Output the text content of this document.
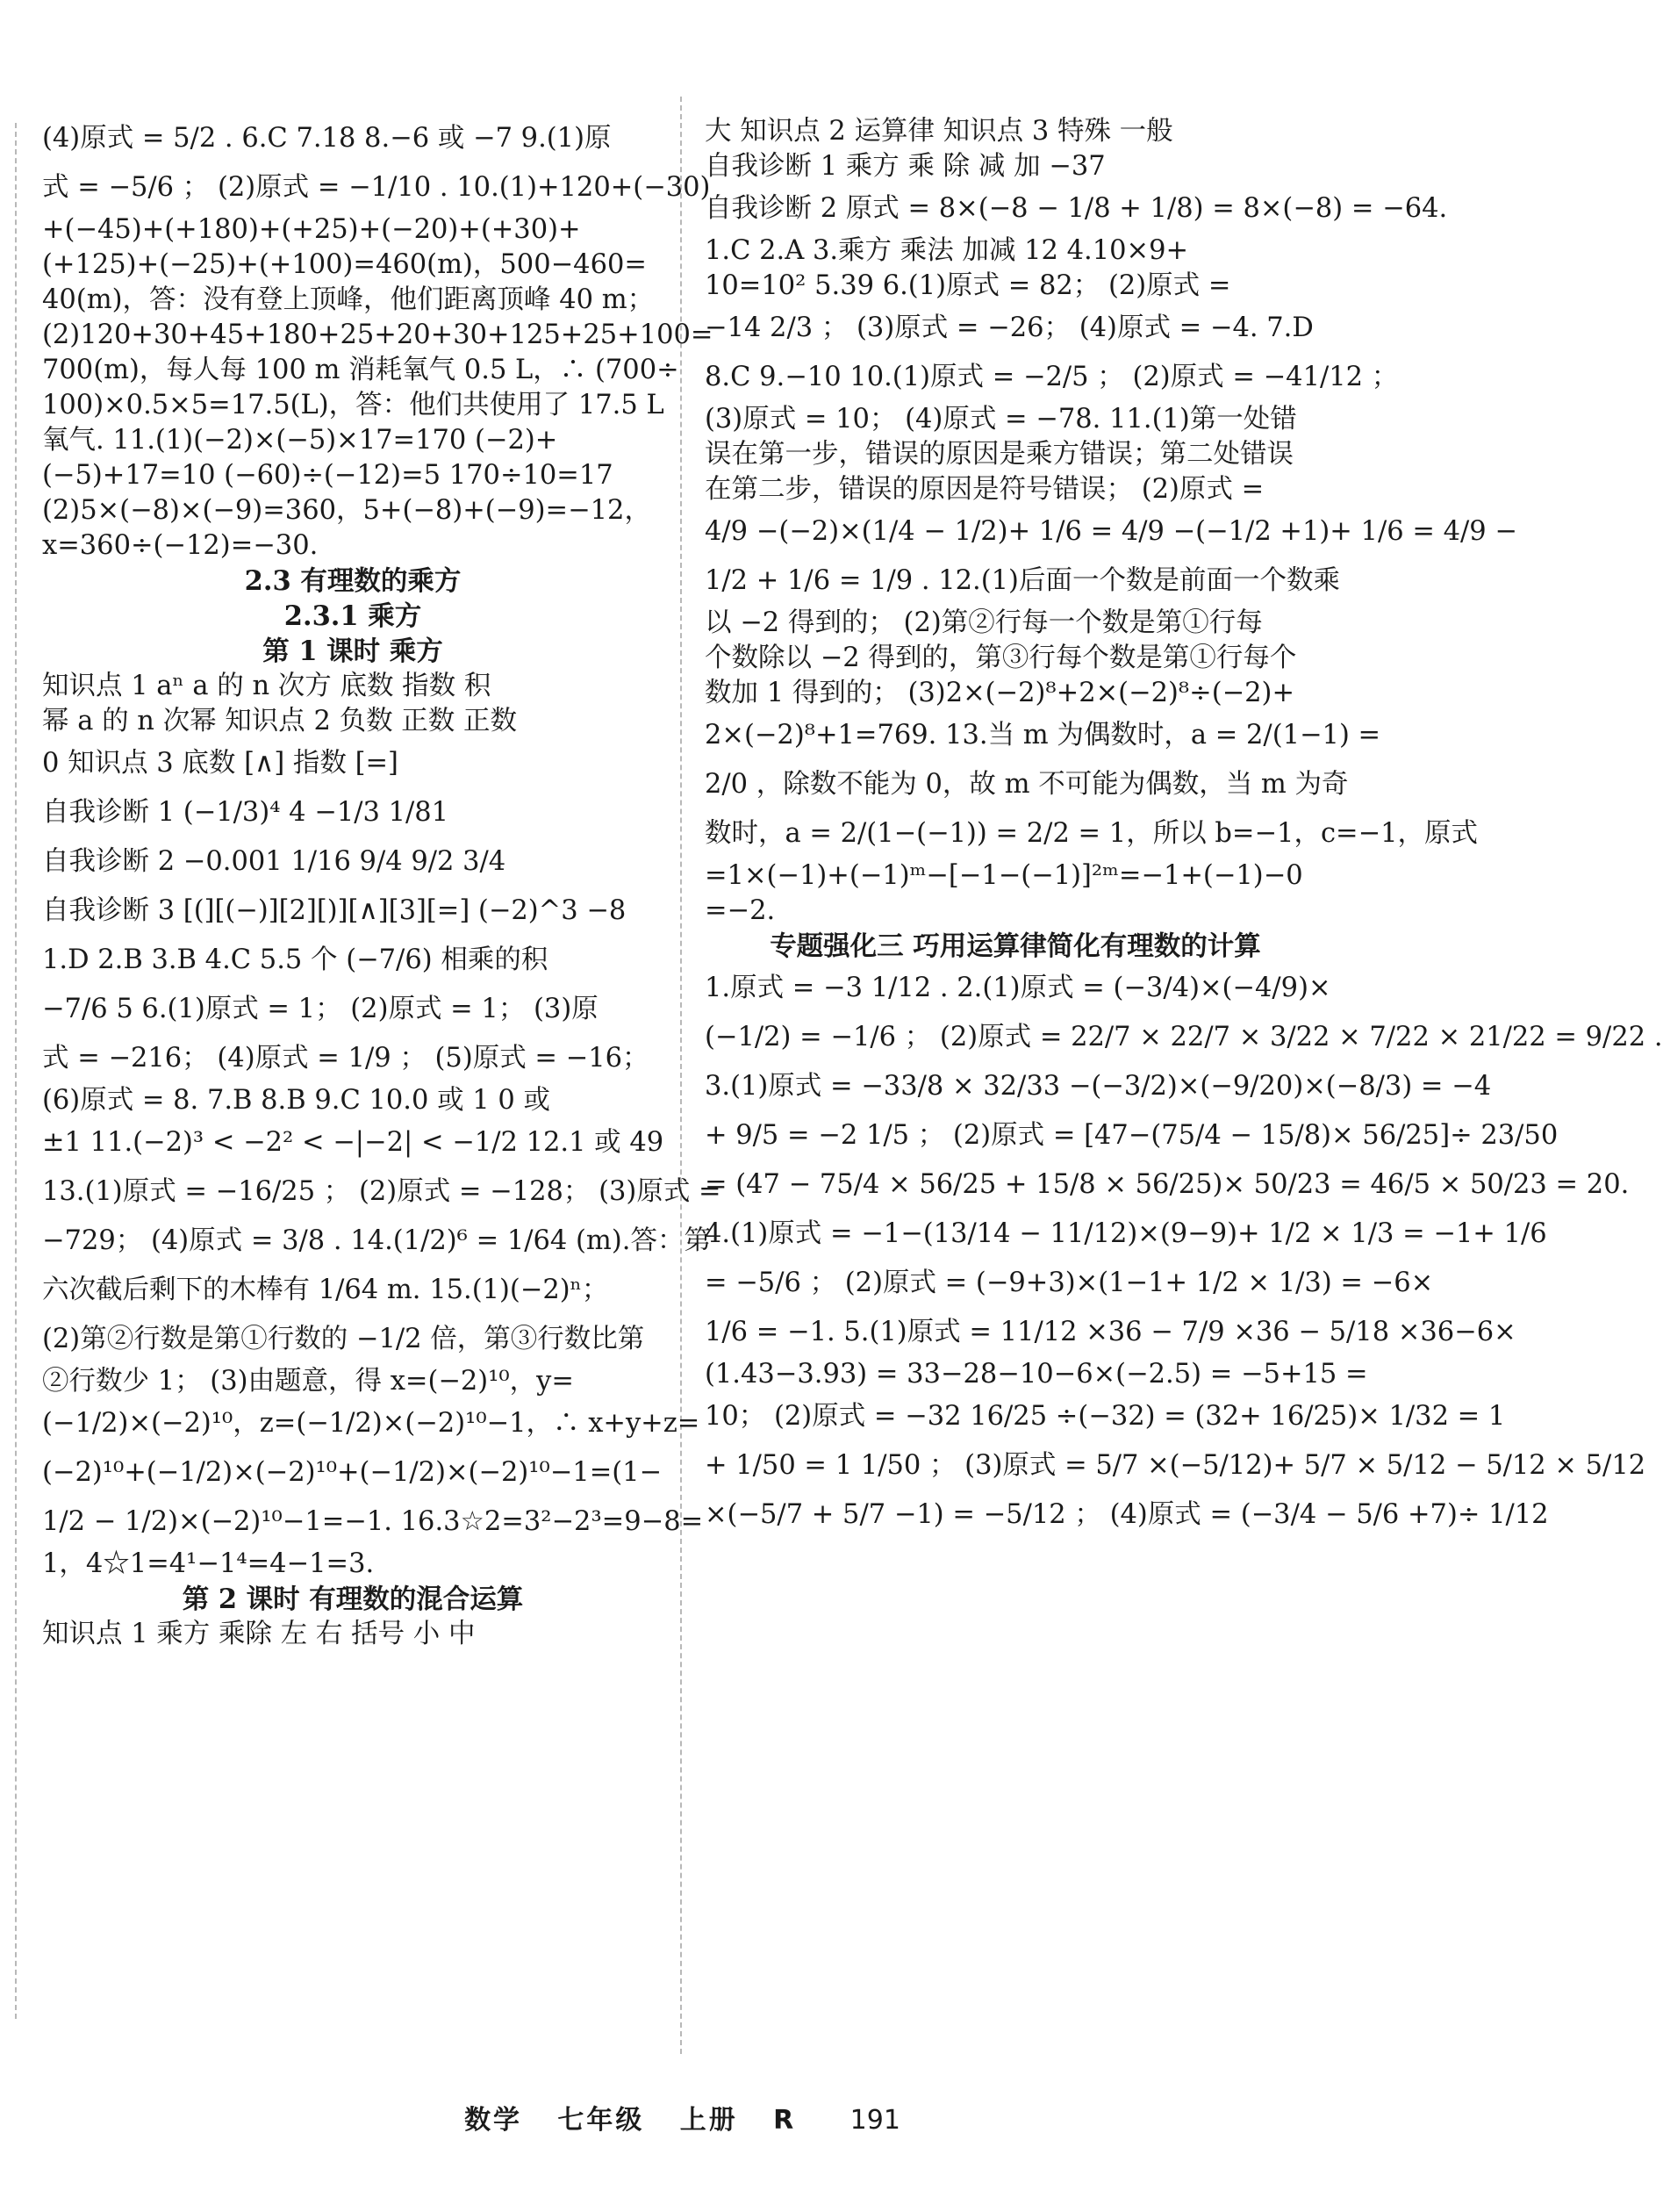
(4)原式 = 5/2 . 6.C 7.18 8.−6 或 −7 9.(1)原
式 = −5/6 ； (2)原式 = −1/10 . 10.(1)+120+(−30)
+(−45)+(+180)+(+25)+(−20)+(+30)+
(+125)+(−25)+(+100)=460(m)，500−460=
40(m)，答：没有登上顶峰，他们距离顶峰 40 m；
(2)120+30+45+180+25+20+30+125+25+100=
700(m)，每人每 100 m 消耗氧气 0.5 L，∴ (700÷
100)×0.5×5=17.5(L)，答：他们共使用了 17.5 L
氧气. 11.(1)(−2)×(−5)×17=170 (−2)+
(−5)+17=10 (−60)÷(−12)=5 170÷10=17
(2)5×(−8)×(−9)=360，5+(−8)+(−9)=−12，
x=360÷(−12)=−30.
2.3 有理数的乘方
2.3.1 乘方
第 1 课时 乘方
知识点 1 aⁿ a 的 n 次方 底数 指数 积
幂 a 的 n 次幂 知识点 2 负数 正数 正数
0 知识点 3 底数 [∧] 指数 [=]
自我诊断 1 (−1/3)⁴ 4 −1/3 1/81
自我诊断 2 −0.001 1/16 9/4 9/2 3/4
自我诊断 3 [(][(−)][2][)][∧][3][=] (−2)^3 −8
1.D 2.B 3.B 4.C 5.5 个 (−7/6) 相乘的积
−7/6 5 6.(1)原式 = 1； (2)原式 = 1； (3)原
式 = −216； (4)原式 = 1/9 ； (5)原式 = −16；
(6)原式 = 8. 7.B 8.B 9.C 10.0 或 1 0 或
±1 11.(−2)³ < −2² < −|−2| < −1/2 12.1 或 49
13.(1)原式 = −16/25 ； (2)原式 = −128； (3)原式 =
−729； (4)原式 = 3/8 . 14.(1/2)⁶ = 1/64 (m).答：第
六次截后剩下的木棒有 1/64 m. 15.(1)(−2)ⁿ；
(2)第②行数是第①行数的 −1/2 倍，第③行数比第
②行数少 1； (3)由题意，得 x=(−2)¹⁰，y=
(−1/2)×(−2)¹⁰，z=(−1/2)×(−2)¹⁰−1，∴ x+y+z=
(−2)¹⁰+(−1/2)×(−2)¹⁰+(−1/2)×(−2)¹⁰−1=(1−
1/2 − 1/2)×(−2)¹⁰−1=−1. 16.3☆2=3²−2³=9−8=
1，4☆1=4¹−1⁴=4−1=3.
第 2 课时 有理数的混合运算
知识点 1 乘方 乘除 左 右 括号 小 中
大 知识点 2 运算律 知识点 3 特殊 一般
自我诊断 1 乘方 乘 除 减 加 −37
自我诊断 2 原式 = 8×(−8 − 1/8 + 1/8) = 8×(−8) = −64.
1.C 2.A 3.乘方 乘法 加减 12 4.10×9+
10=10² 5.39 6.(1)原式 = 82； (2)原式 =
−14 2/3 ； (3)原式 = −26； (4)原式 = −4. 7.D
8.C 9.−10 10.(1)原式 = −2/5 ； (2)原式 = −41/12 ；
(3)原式 = 10； (4)原式 = −78. 11.(1)第一处错
误在第一步，错误的原因是乘方错误；第二处错误
在第二步，错误的原因是符号错误； (2)原式 =
4/9 −(−2)×(1/4 − 1/2)+ 1/6 = 4/9 −(−1/2 +1)+ 1/6 = 4/9 −
1/2 + 1/6 = 1/9 . 12.(1)后面一个数是前面一个数乘
以 −2 得到的； (2)第②行每一个数是第①行每
个数除以 −2 得到的，第③行每个数是第①行每个
数加 1 得到的； (3)2×(−2)⁸+2×(−2)⁸÷(−2)+
2×(−2)⁸+1=769. 13.当 m 为偶数时，a = 2/(1−1) =
2/0 ，除数不能为 0，故 m 不可能为偶数，当 m 为奇
数时，a = 2/(1−(−1)) = 2/2 = 1，所以 b=−1，c=−1，原式
=1×(−1)+(−1)ᵐ−[−1−(−1)]²ᵐ=−1+(−1)−0
=−2.
专题强化三 巧用运算律简化有理数的计算
1.原式 = −3 1/12 . 2.(1)原式 = (−3/4)×(−4/9)×
(−1/2) = −1/6 ； (2)原式 = 22/7 × 22/7 × 3/22 × 7/22 × 21/22 = 9/22 .
3.(1)原式 = −33/8 × 32/33 −(−3/2)×(−9/20)×(−8/3) = −4
+ 9/5 = −2 1/5 ； (2)原式 = [47−(75/4 − 15/8)× 56/25]÷ 23/50
= (47 − 75/4 × 56/25 + 15/8 × 56/25)× 50/23 = 46/5 × 50/23 = 20.
4.(1)原式 = −1−(13/14 − 11/12)×(9−9)+ 1/2 × 1/3 = −1+ 1/6
= −5/6 ； (2)原式 = (−9+3)×(1−1+ 1/2 × 1/3) = −6×
1/6 = −1. 5.(1)原式 = 11/12 ×36 − 7/9 ×36 − 5/18 ×36−6×
(1.43−3.93) = 33−28−10−6×(−2.5) = −5+15 =
10； (2)原式 = −32 16/25 ÷(−32) = (32+ 16/25)× 1/32 = 1
+ 1/50 = 1 1/50 ； (3)原式 = 5/7 ×(−5/12)+ 5/7 × 5/12 − 5/12 × 5/12
×(−5/7 + 5/7 −1) = −5/12 ； (4)原式 = (−3/4 − 5/6 +7)÷ 1/12
数学 七年级 上册 R 191
